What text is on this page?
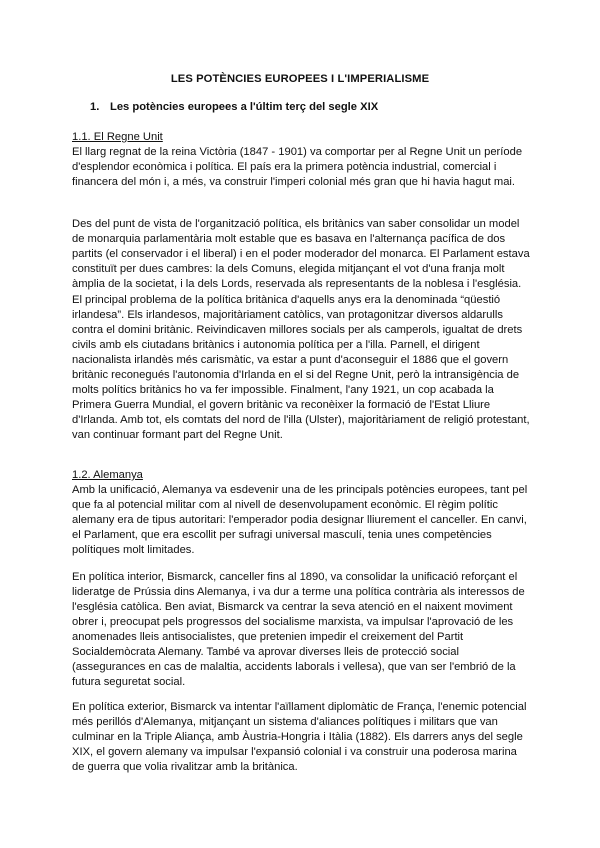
LES POTÈNCIES EUROPEES I L'IMPERIALISME
1. Les potències europees a l'últim terç del segle XIX
1.1. El Regne Unit

El llarg regnat de la reina Victòria (1847 - 1901) va comportar per al Regne Unit un període d'esplendor econòmica i política. El país era la primera potència industrial, comercial i financera del món i, a més, va construir l'imperi colonial més gran que hi havia hagut mai.

Des del punt de vista de l'organització política, els britànics van saber consolidar un model de monarquia parlamentària molt estable que es basava en l'alternança pacífica de dos partits (el conservador i el liberal) i en el poder moderador del monarca. El Parlament estava constituït per dues cambres: la dels Comuns, elegida mitjançant el vot d'una franja molt àmplia de la societat, i la dels Lords, reservada als representants de la noblesa i l'església.

El principal problema de la política britànica d'aquells anys era la denominada “qüestió irlandesa”. Els irlandesos, majoritàriament catòlics, van protagonitzar diversos aldarulls contra el domini britànic. Reivindicaven millores socials per als camperols, igualtat de drets civils amb els ciutadans britànics i autonomia política per a l'illa. Parnell, el dirigent nacionalista irlandès més carismàtic, va estar a punt d'aconseguir el 1886 que el govern britànic reconegués l'autonomia d'Irlanda en el si del Regne Unit, però la intransigència de molts polítics britànics ho va fer impossible. Finalment, l'any 1921, un cop acabada la Primera Guerra Mundial, el govern britànic va reconèixer la formació de l'Estat Lliure d'Irlanda. Amb tot, els comtats del nord de l'illa (Ulster), majoritàriament de religió protestant, van continuar formant part del Regne Unit.

1.2. Alemanya

Amb la unificació, Alemanya va esdevenir una de les principals potències europees, tant pel que fa al potencial militar com al nivell de desenvolupament econòmic. El règim polític alemany era de tipus autoritari: l'emperador podia designar lliurement el canceller. En canvi, el Parlament, que era escollit per sufragi universal masculí, tenia unes competències polítiques molt limitades.

En política interior, Bismarck, canceller fins al 1890, va consolidar la unificació reforçant el lideratge de Prússia dins Alemanya, i va dur a terme una política contrària als interessos de l'església catòlica. Ben aviat, Bismarck va centrar la seva atenció en el naixent moviment obrer i, preocupat pels progressos del socialisme marxista, va impulsar l'aprovació de les anomenades lleis antisocialistes, que pretenien impedir el creixement del Partit Socialdemòcrata Alemany. També va aprovar diverses lleis de protecció social (assegurances en cas de malaltia, accidents laborals i vellesa), que van ser l'embrió de la futura seguretat social.

En política exterior, Bismarck va intentar l'aïllament diplomàtic de França, l'enemic potencial més perillós d'Alemanya, mitjançant un sistema d'aliances polítiques i militars que van culminar en la Triple Aliança, amb Àustria-Hongria i Itàlia (1882). Els darrers anys del segle XIX, el govern alemany va impulsar l'expansió colonial i va construir una poderosa marina de guerra que volia rivalitzar amb la britànica.
